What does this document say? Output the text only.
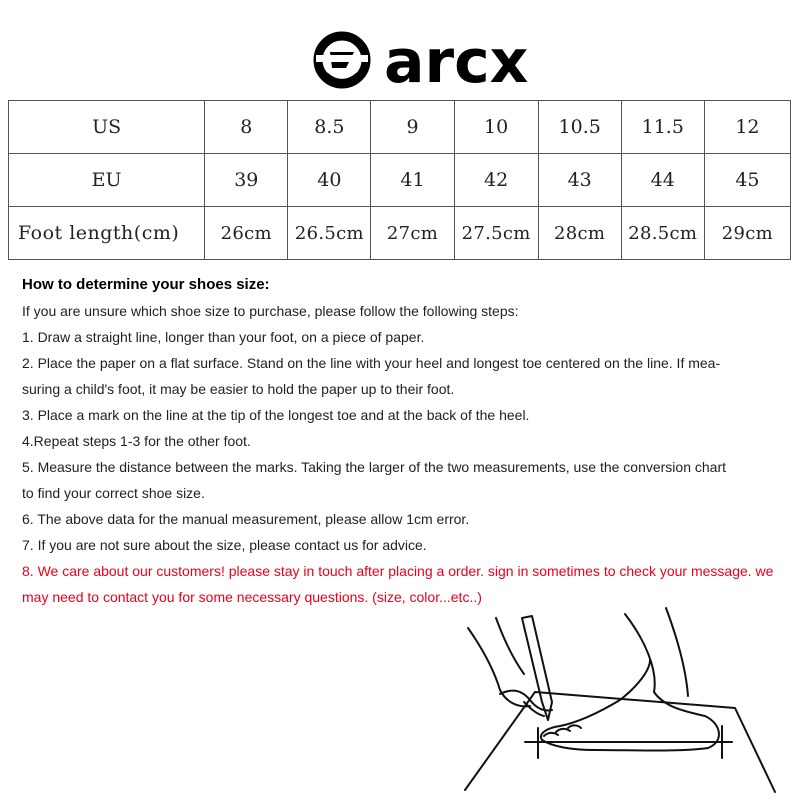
arcx
US	8	8.5	9	10	10.5	11.5	12
EU	39	40	41	42	43	44	45
Foot length(cm)	26cm	26.5cm	27cm	27.5cm	28cm	28.5cm	29cm
How to determine your shoes size:
If you are unsure which shoe size to purchase, please follow the following steps:
1. Draw a straight line, longer than your foot, on a piece of paper.
2. Place the paper on a flat surface. Stand on the line with your heel and longest toe centered on the line. If mea-
suring a child's foot, it may be easier to hold the paper up to their foot.
3. Place a mark on the line at the tip of the longest toe and at the back of the heel.
4.Repeat steps 1-3 for the other foot.
5. Measure the distance between the marks. Taking the larger of the two measurements, use the conversion chart
to find your correct shoe size.
6. The above data for the manual measurement, please allow 1cm error.
7. If you are not sure about the size, please contact us for advice.
8. We care about our customers! please stay in touch after placing a order. sign in sometimes to check your message. we
may need to contact you for some necessary questions. (size, color...etc..)
